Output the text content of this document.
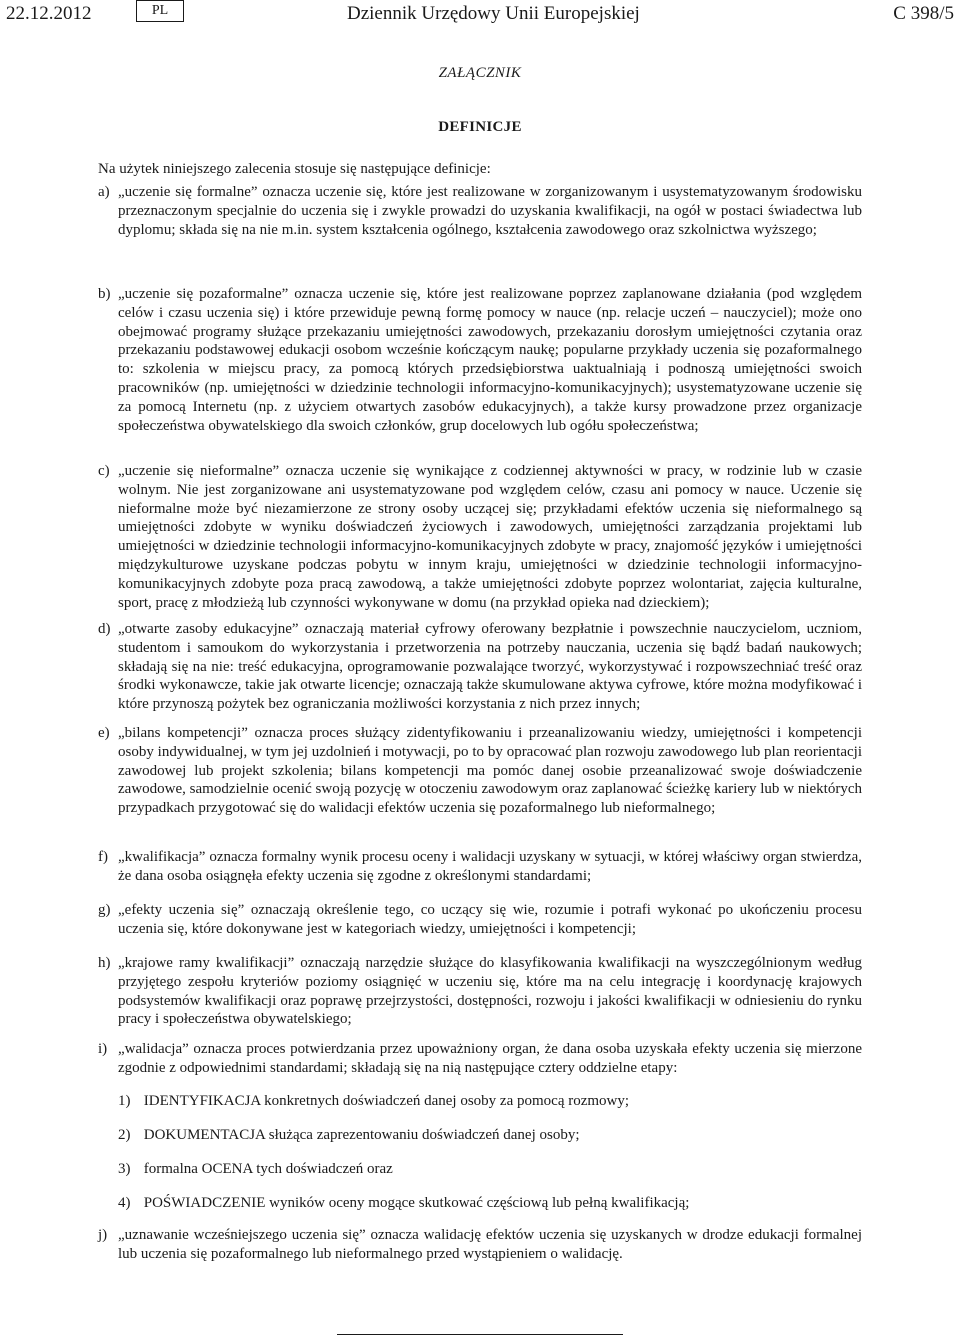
22.12.2012	PL	Dziennik Urzędowy Unii Europejskiej	C 398/5
ZAŁĄCZNIK
DEFINICJE
Na użytek niniejszego zalecenia stosuje się następujące definicje:
a) „uczenie się formalne” oznacza uczenie się, które jest realizowane w zorganizowanym i usystematyzowanym środowisku przeznaczonym specjalnie do uczenia się i zwykle prowadzi do uzyskania kwalifikacji, na ogół w postaci świadectwa lub dyplomu; składa się na nie m.in. system kształcenia ogólnego, kształcenia zawodowego oraz szkolnictwa wyższego;
b) „uczenie się pozaformalne” oznacza uczenie się, które jest realizowane poprzez zaplanowane działania (pod względem celów i czasu uczenia się) i które przewiduje pewną formę pomocy w nauce (np. relacje uczeń – nauczyciel); może ono obejmować programy służące przekazaniu umiejętności zawodowych, przekazaniu dorosłym umiejętności czytania oraz przekazaniu podstawowej edukacji osobom wcześnie kończącym naukę; popularne przykłady uczenia się pozaformalnego to: szkolenia w miejscu pracy, za pomocą których przedsiębiorstwa uaktualniają i podnoszą umiejętności swoich pracowników (np. umiejętności w dziedzinie technologii informacyjno-komunikacyjnych); usystematyzowane uczenie się za pomocą Internetu (np. z użyciem otwartych zasobów edukacyjnych), a także kursy prowadzone przez organizacje społeczeństwa obywatelskiego dla swoich członków, grup docelowych lub ogółu społeczeństwa;
c) „uczenie się nieformalne” oznacza uczenie się wynikające z codziennej aktywności w pracy, w rodzinie lub w czasie wolnym. Nie jest zorganizowane ani usystematyzowane pod względem celów, czasu ani pomocy w nauce. Uczenie się nieformalne może być niezamierzone ze strony osoby uczącej się; przykładami efektów uczenia się nieformalnego są umiejętności zdobyte w wyniku doświadczeń życiowych i zawodowych, umiejętności zarządzania projektami lub umiejętności w dziedzinie technologii informacyjno-komunikacyjnych zdobyte w pracy, znajomość języków i umiejętności międzykulturowe uzyskane podczas pobytu w innym kraju, umiejętności w dziedzinie technologii informacyjno-komunikacyjnych zdobyte poza pracą zawodową, a także umiejętności zdobyte poprzez wolontariat, zajęcia kulturalne, sport, pracę z młodzieżą lub czynności wykonywane w domu (na przykład opieka nad dzieckiem);
d) „otwarte zasoby edukacyjne” oznaczają materiał cyfrowy oferowany bezpłatnie i powszechnie nauczycielom, uczniom, studentom i samoukom do wykorzystania i przetworzenia na potrzeby nauczania, uczenia się bądź badań naukowych; składają się na nie: treść edukacyjna, oprogramowanie pozwalające tworzyć, wykorzystywać i rozpowszechniać treść oraz środki wykonawcze, takie jak otwarte licencje; oznaczają także skumulowane aktywa cyfrowe, które można modyfikować i które przynoszą pożytek bez ograniczania możliwości korzystania z nich przez innych;
e) „bilans kompetencji” oznacza proces służący zidentyfikowaniu i przeanalizowaniu wiedzy, umiejętności i kompetencji osoby indywidualnej, w tym jej uzdolnień i motywacji, po to by opracować plan rozwoju zawodowego lub plan reorientacji zawodowej lub projekt szkolenia; bilans kompetencji ma pomóc danej osobie przeanalizować swoje doświadczenie zawodowe, samodzielnie ocenić swoją pozycję w otoczeniu zawodowym oraz zaplanować ścieżkę kariery lub w niektórych przypadkach przygotować się do walidacji efektów uczenia się pozaformalnego lub nieformalnego;
f) „kwalifikacja” oznacza formalny wynik procesu oceny i walidacji uzyskany w sytuacji, w której właściwy organ stwierdza, że dana osoba osiągnęła efekty uczenia się zgodne z określonymi standardami;
g) „efekty uczenia się” oznaczają określenie tego, co uczący się wie, rozumie i potrafi wykonać po ukończeniu procesu uczenia się, które dokonywane jest w kategoriach wiedzy, umiejętności i kompetencji;
h) „krajowe ramy kwalifikacji” oznaczają narzędzie służące do klasyfikowania kwalifikacji na wyszczególnionym według przyjętego zespołu kryteriów poziomy osiągnięć w uczeniu się, które ma na celu integrację i koordynację krajowych podsystemów kwalifikacji oraz poprawę przejrzystości, dostępności, rozwoju i jakości kwalifikacji w odniesieniu do rynku pracy i społeczeństwa obywatelskiego;
i) „walidacja” oznacza proces potwierdzania przez upoważniony organ, że dana osoba uzyskała efekty uczenia się mierzone zgodnie z odpowiednimi standardami; składają się na nią następujące cztery oddzielne etapy:
j) „uznawanie wcześniejszego uczenia się” oznacza walidację efektów uczenia się uzyskanych w drodze edukacji formalnej lub uczenia się pozaformalnego lub nieformalnego przed wystąpieniem o walidację.
1) IDENTYFIKACJA konkretnych doświadczeń danej osoby za pomocą rozmowy;
2) DOKUMENTACJA służąca zaprezentowaniu doświadczeń danej osoby;
3) formalna OCENA tych doświadczeń oraz
4) POŚWIADCZENIE wyników oceny mogące skutkować częściową lub pełną kwalifikacją;
